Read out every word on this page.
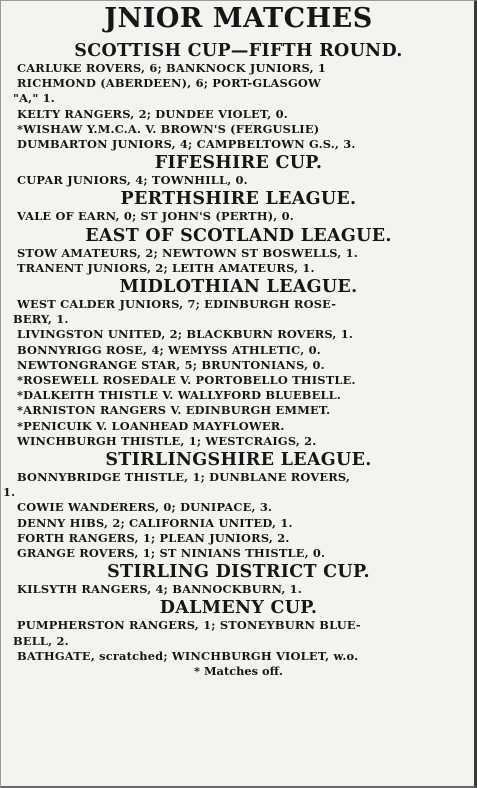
JNIOR MATCHES
SCOTTISH CUP—FIFTH ROUND.
CARLUKE ROVERS, 6; BANKNOCK JUNIORS, 1
RICHMOND (ABERDEEN), 6; PORT-GLASGOW
"A," 1.
KELTY RANGERS, 2; DUNDEE VIOLET, 0.
*WISHAW Y.M.C.A. V. BROWN'S (FERGUSLIE)
DUMBARTON JUNIORS, 4; CAMPBELTOWN G.S., 3.
FIFESHIRE CUP.
CUPAR JUNIORS, 4; TOWNHILL, 0.
PERTHSHIRE LEAGUE.
VALE OF EARN, 0; ST JOHN'S (PERTH), 0.
EAST OF SCOTLAND LEAGUE.
STOW AMATEURS, 2; NEWTOWN ST BOSWELLS, 1.
TRANENT JUNIORS, 2; LEITH AMATEURS, 1.
MIDLOTHIAN LEAGUE.
WEST CALDER JUNIORS, 7; EDINBURGH ROSE-
BERY, 1.
LIVINGSTON UNITED, 2; BLACKBURN ROVERS, 1.
BONNYRIGG ROSE, 4; WEMYSS ATHLETIC, 0.
NEWTONGRANGE STAR, 5; BRUNTONIANS, 0.
*ROSEWELL ROSEDALE V. PORTOBELLO THISTLE.
*DALKEITH THISTLE V. WALLYFORD BLUEBELL.
*ARNISTON RANGERS V. EDINBURGH EMMET.
*PENICUIK V. LOANHEAD MAYFLOWER.
WINCHBURGH THISTLE, 1; WESTCRAIGS, 2.
STIRLINGSHIRE LEAGUE.
BONNYBRIDGE THISTLE, 1; DUNBLANE ROVERS,
1.
COWIE WANDERERS, 0; DUNIPACE, 3.
DENNY HIBS, 2; CALIFORNIA UNITED, 1.
FORTH RANGERS, 1; PLEAN JUNIORS, 2.
GRANGE ROVERS, 1; ST NINIANS THISTLE, 0.
STIRLING DISTRICT CUP.
KILSYTH RANGERS, 4; BANNOCKBURN, 1.
DALMENY CUP.
PUMPHERSTON RANGERS, 1; STONEYBURN BLUE-
BELL, 2.
BATHGATE, scratched; WINCHBURGH VIOLET, w.o.
* Matches off.
